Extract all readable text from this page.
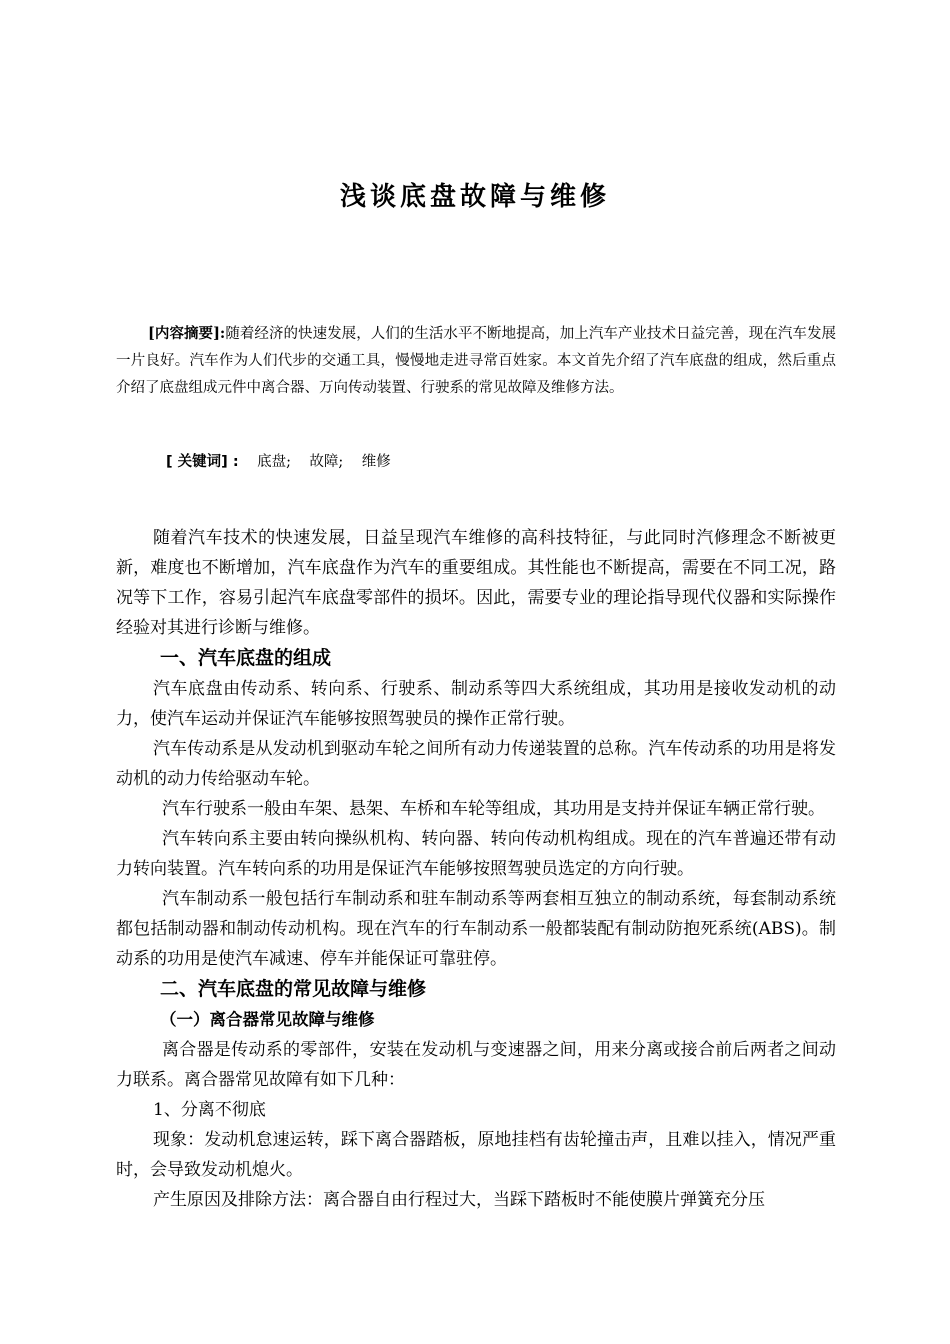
浅谈底盘故障与维修

[内容摘要]:随着经济的快速发展，人们的生活水平不断地提高，加上汽车产业技术日益完善，现在汽车发展一片良好。汽车作为人们代步的交通工具，慢慢地走进寻常百姓家。本文首先介绍了汽车底盘的组成，然后重点介绍了底盘组成元件中离合器、万向传动装置、行驶系的常见故障及维修方法。

[ 关键词] : 底盘; 故障; 维修

随着汽车技术的快速发展，日益呈现汽车维修的高科技特征，与此同时汽修理念不断被更新，难度也不断增加，汽车底盘作为汽车的重要组成。其性能也不断提高，需要在不同工况，路况等下工作，容易引起汽车底盘零部件的损坏。因此，需要专业的理论指导现代仪器和实际操作经验对其进行诊断与维修。

一、汽车底盘的组成

汽车底盘由传动系、转向系、行驶系、制动系等四大系统组成，其功用是接收发动机的动力，使汽车运动并保证汽车能够按照驾驶员的操作正常行驶。

汽车传动系是从发动机到驱动车轮之间所有动力传递装置的总称。汽车传动系的功用是将发动机的动力传给驱动车轮。

汽车行驶系一般由车架、悬架、车桥和车轮等组成，其功用是支持并保证车辆正常行驶。

汽车转向系主要由转向操纵机构、转向器、转向传动机构组成。现在的汽车普遍还带有动力转向装置。汽车转向系的功用是保证汽车能够按照驾驶员选定的方向行驶。

汽车制动系一般包括行车制动系和驻车制动系等两套相互独立的制动系统，每套制动系统都包括制动器和制动传动机构。现在汽车的行车制动系一般都装配有制动防抱死系统(ABS)。制动系的功用是使汽车减速、停车并能保证可靠驻停。

二、汽车底盘的常见故障与维修
（一）离合器常见故障与维修

离合器是传动系的零部件，安装在发动机与变速器之间，用来分离或接合前后两者之间动力联系。离合器常见故障有如下几种：

1、分离不彻底

现象：发动机怠速运转，踩下离合器踏板，原地挂档有齿轮撞击声，且难以挂入，情况严重时，会导致发动机熄火。

产生原因及排除方法：离合器自由行程过大，当踩下踏板时不能使膜片弹簧充分压
